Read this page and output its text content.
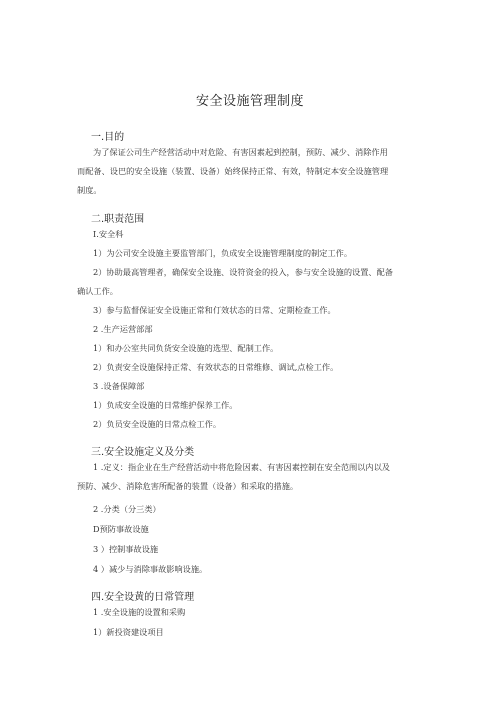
安全设施管理制度
一.目的
为了保证公司生产经营活动中对危险、有害因素起到控制，预防、减少、消除作用
而配备、设巴的安全设施（装置、设备）始终保持正常、有效，特制定本安全设施管理
制度。
二.职责范围
I.安全科
1）为公司安全设施主要监管部门，负成安全设施管理制度的制定工作。
2）协助最高管理者，确保安全设施、设符资金的投入，参与安全设施的设置、配备
确认工作。
3）参与监督保证安全设施正常和仃效状态的日常、定期检查工作。
2 .生产运营部部
1）和办公室共同负货安全设施的选型、配制工作。
2）负责安全设施保持正常、有效状态的日常维修、调试,点检工作。
3 .设备保障部
1）负成安全设施的日常维护保养工作。
2）负员安全设施的日常点检工作。
三.安全设施定义及分类
1 .定义：指企业在生产经营活动中将危险因素、有害因素控制在安全范闱以内以及
预防、减少、消除危害所配备的装置（设备）和采取的措施。
2 .分类（分三类）
D预防事故设施
3 ）控制事故设施
4 ）减少与消除事故影响设施。
四.安全设黄的日常管理
1 .安全设施的设置和采购
1）新投资建设项目
